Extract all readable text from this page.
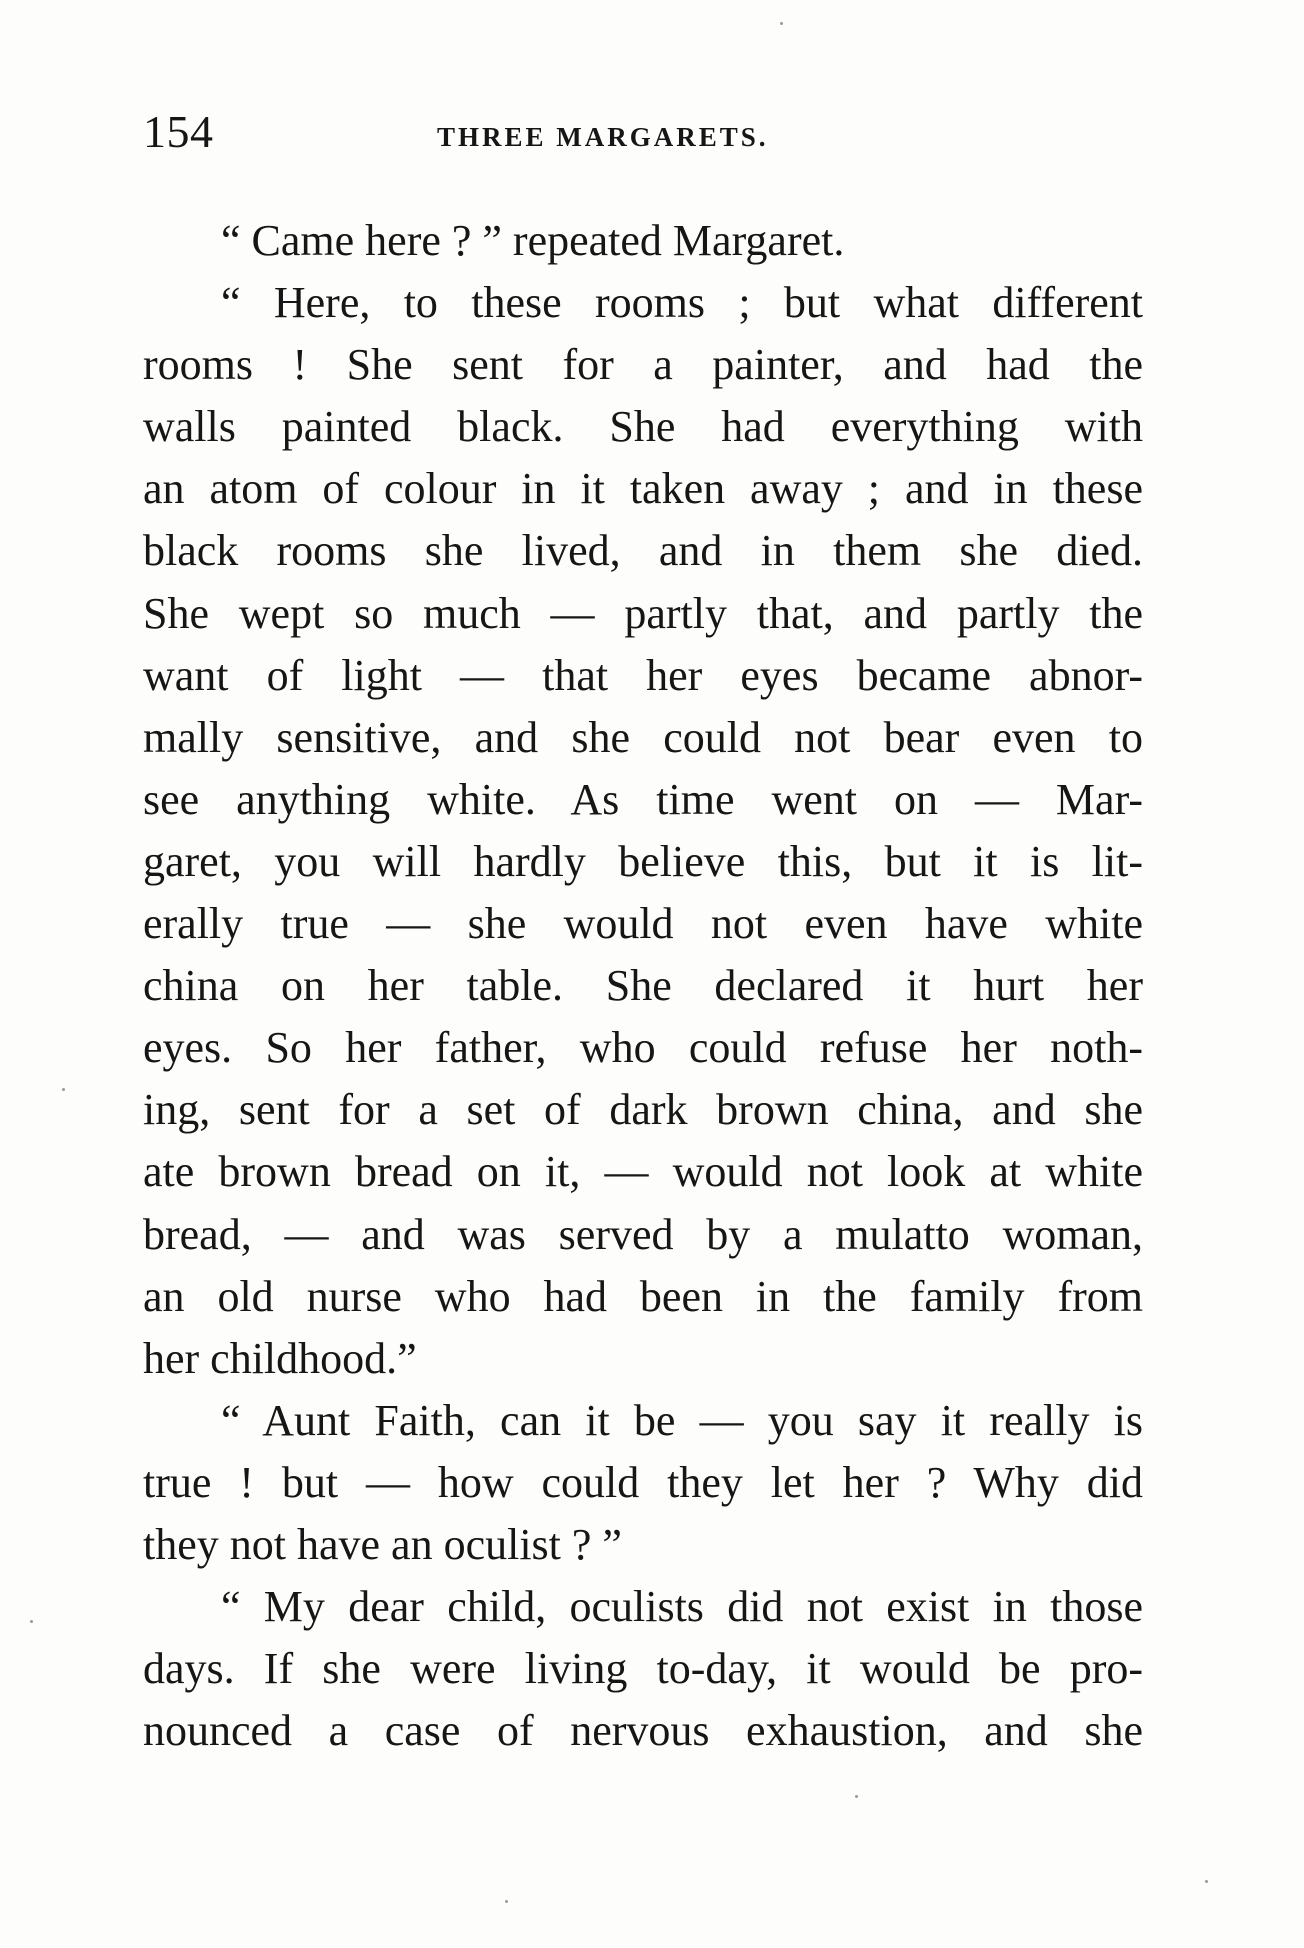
154	THREE MARGARETS.
“ Came here ? ” repeated Margaret.
“ Here, to these rooms ; but what different
rooms ! She sent for a painter, and had the
walls painted black. She had everything with
an atom of colour in it taken away ; and in these
black rooms she lived, and in them she died.
She wept so much — partly that, and partly the
want of light — that her eyes became abnor-
mally sensitive, and she could not bear even to
see anything white. As time went on — Mar-
garet, you will hardly believe this, but it is lit-
erally true — she would not even have white
china on her table. She declared it hurt her
eyes. So her father, who could refuse her noth-
ing, sent for a set of dark brown china, and she
ate brown bread on it, — would not look at white
bread, — and was served by a mulatto woman,
an old nurse who had been in the family from
her childhood.”
“ Aunt Faith, can it be — you say it really is
true ! but — how could they let her ? Why did
they not have an oculist ? ”
“ My dear child, oculists did not exist in those
days. If she were living to-day, it would be pro-
nounced a case of nervous exhaustion, and she
